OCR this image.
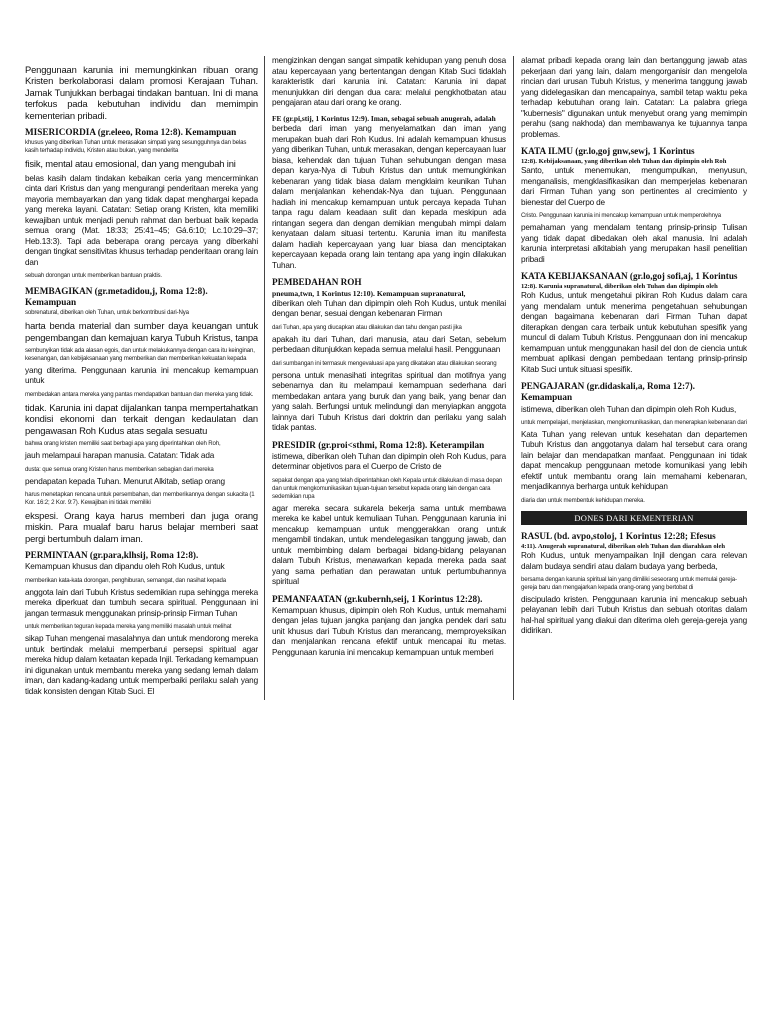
Penggunaan karunia ini memungkinkan ribuan orang Kristen berkolaborasi dalam promosi Kerajaan Tuhan. Jamak Tunjukkan berbagai tindakan bantuan. Ini di mana terfokus pada kebutuhan individu dan memimpin kementerian pribadi.

MISERICORDIA (gr.eleeo, Roma 12:8). Kemampuan

khusus yang diberikan Tuhan untuk merasakan simpati yang sesungguhnya dan belas kasih terhadap individu, Kristen atau bukan, yang menderita

fisik, mental atau emosional, dan yang mengubah ini

belas kasih dalam tindakan kebaikan ceria yang mencerminkan cinta dari Kristus dan yang mengurangi penderitaan mereka yang mayoria membayarkan dan yang tidak dapat menghargai kepada yang mereka layani. Catatan: Setiap orang Kristen, kita memiliki kewajiban untuk menjadi penuh rahmat dan berbuat baik kepada semua orang (Mat. 18:33; 25:41–45; Gá.6:10; Lc.10:29–37; Heb.13:3). Tapi ada beberapa orang percaya yang diberkahi dengan tingkat sensitivitas khusus terhadap penderitaan orang lain dan

sebuah dorongan untuk memberikan bantuan praktis.

MEMBAGIKAN (gr.metadidou,j, Roma 12:8). Kemampuan

sobrenatural, diberikan oleh Tuhan, untuk berkontribusi dari-Nya

harta benda material dan sumber daya keuangan untuk pengembangan dan kemajuan karya Tubuh Kristus, tanpa

sembunyikan tidak ada alasan egois, dan untuk melakukannya dengan cara itu keinginan, kesenangan, dan kebijaksanaan yang memberikan dan memberikan kekuatan kepada

yang diterima. Penggunaan karunia ini mencakup kemampuan untuk

membedakan antara mereka yang pantas mendapatkan bantuan dan mereka yang tidak.

tidak. Karunia ini dapat dijalankan tanpa mempertahatkan kondisi ekonomi dan terkait dengan kedaulatan dan pengawasan Roh Kudus atas segala sesuatu

bahwa orang kristen memiliki saat berbagi apa yang diperintahkan oleh Roh,

jauh melampaui harapan manusia. Catatan: Tidak ada

dusta: que semua orang Kristen harus memberikan sebagian dari mereka

pendapatan kepada Tuhan. Menurut Alkitab, setiap orang

harus menetapkan rencana untuk persembahan, dan memberikannya dengan sukacita (1 Kor. 16:2; 2 Kor. 9:7). Kewajiban ini tidak memiliki

ekspesi. Orang kaya harus memberi dan juga orang miskin. Para mualaf baru harus belajar memberi saat pergi bertumbuh dalam iman.

PERMINTAAN (gr.para,klhsij, Roma 12:8).

Kemampuan khusus dan dipandu oleh Roh Kudus, untuk

memberikan kata-kata dorongan, penghiburan, semangat, dan nasihat kepada

anggota lain dari Tubuh Kristus sedemikian rupa sehingga mereka mereka diperkuat dan tumbuh secara spiritual. Penggunaan ini jangan termasuk menggunakan prinsip-prinsip Firman Tuhan

untuk memberikan teguran kepada mereka yang memiliki masalah untuk melihat

sikap Tuhan mengenai masalahnya dan untuk mendorong mereka untuk bertindak melalui memperbarui persepsi spiritual agar mereka hidup dalam ketaatan kepada Injil. Terkadang kemampuan ini digunakan untuk membantu mereka yang sedang lemah dalam iman, dan kadang-kadang untuk memperbaiki perilaku salah yang tidak konsisten dengan Kitab Suci. El

mengizinkan dengan sangat simpatik kehidupan yang penuh dosa atau kepercayaan yang bertentangan dengan Kitab Suci tidaklah karakteristik dari karunia ini. Catatan: Karunia ini dapat menunjukkan diri dengan dua cara: melalui pengkhotbatan atau pengajaran atau dari orang ke orang.

FE (gr.pi,stij, 1 Korintus 12:9). Iman, sebagai sebuah anugerah, adalah

berbeda dari iman yang menyelamatkan dan iman yang merupakan buah dari Roh Kudus. Ini adalah kemampuan khusus yang diberikan Tuhan, untuk merasakan, dengan kepercayaan luar biasa, kehendak dan tujuan Tuhan sehubungan dengan masa depan karya-Nya di Tubuh Kristus dan untuk memungkinkan kebenaran yang tidak biasa dalam mengklaim keunikan Tuhan dalam menjalankan kehendak-Nya dan tujuan. Penggunaan hadiah ini mencakup kemampuan untuk percaya kepada Tuhan tanpa ragu dalam keadaan sulit dan kepada meskipun ada rintangan segera dan dengan demikian mengubah mimpi dalam kenyataan dalam situasi tertentu. Karunia iman itu manifesta dalam hadiah kepercayaan yang luar biasa dan menciptakan kepercayaan kepada orang lain tentang apa yang ingin dilakukan Tuhan.

PEMBEDAHAN ROH
pneuma,twn, 1 Korintus 12:10). Kemampuan supranatural,

diberikan oleh Tuhan dan dipimpin oleh Roh Kudus, untuk menilai dengan benar, sesuai dengan kebenaran Firman

dari Tuhan, apa yang diucapkan atau dilakukan dan tahu dengan pasti jika

apakah itu dari Tuhan, dari manusia, atau dari Setan, sebelum perbedaan ditunjukkan kepada semua melalui hasil. Penggunaan

dari sumbangan ini termasuk mengevaluasi apa yang dikatakan atau dilakukan seorang

persona untuk menasihati integritas spiritual dan motifnya yang sebenarnya dan itu melampaui kemampuan sederhana dari membedakan antara yang buruk dan yang baik, yang benar dan yang salah. Berfungsi untuk melindungi dan menyiapkan anggota lainnya dari Tubuh Kristus dari doktrin dan perilaku yang salah tidak pantas.

PRESIDIR (gr.proi<sthmi, Roma 12:8). Keterampilan

istimewa, diberikan oleh Tuhan dan dipimpin oleh Roh Kudus, para determinar objetivos para el Cuerpo de Cristo de

sepakat dengan apa yang telah diperintahkan oleh Kepala untuk dilakukan di masa depan dan untuk mengkomunikasikan tujuan-tujuan tersebut kepada orang lain dengan cara sedemikian rupa

agar mereka secara sukarela bekerja sama untuk membawa mereka ke kabel untuk kemuliaan Tuhan. Penggunaan karunia ini mencakup kemampuan untuk menggerakkan orang untuk mengambil tindakan, untuk mendelegasikan tanggung jawab, dan untuk membimbing dalam berbagai bidang-bidang pelayanan dalam Tubuh Kristus, menawarkan kepada mereka pada saat yang sama perhatian dan perawatan untuk pertumbuhannya spiritual

PEMANFAATAN (gr.kubernh,seij, 1 Korintus 12:28).

Kemampuan khusus, dipimpin oleh Roh Kudus, untuk memahami dengan jelas tujuan jangka panjang dan jangka pendek dari satu unit khusus dari Tubuh Kristus dan merancang, memproyeksikan dan menjalankan rencana efektif untuk mencapai itu metas. Penggunaan karunia ini mencakup kemampuan untuk memberi

alamat pribadi kepada orang lain dan bertanggung jawab atas pekerjaan dari yang lain, dalam mengorganisir dan mengelola rincian dari urusan Tubuh Kristus, y menerima tanggung jawab yang didelegasikan dan mencapainya, sambil tetap waktu peka terhadap kebutuhan orang lain. Catatan: La palabra griega "kubernesis" digunakan untuk menyebut orang yang memimpin perahu (sang nakhoda) dan membawanya ke tujuannya tanpa problemas.

KATA ILMU (gr.lo,goj gnw,sewj, 1 Korintus
12:8). Kebijaksanaan, yang diberikan oleh Tuhan dan dipimpin oleh Roh

Santo, untuk menemukan, mengumpulkan, menyusun, menganalisis, mengklasifikasikan dan memperjelas kebenaran dari Firman Tuhan yang son pertinentes al crecimiento y bienestar del Cuerpo de

Cristo. Penggunaan karunia ini mencakup kemampuan untuk memperolehnya

pemahaman yang mendalam tentang prinsip-prinsip Tulisan yang tidak dapat dibedakan oleh akal manusia. Ini adalah karunia interpretasi alkitabiah yang merupakan hasil penelitian pribadi

KATA KEBIJAKSANAAN (gr.lo,goj sofi,aj, 1 Korintus
12:8). Karunia supranatural, diberikan oleh Tuhan dan dipimpin oleh

Roh Kudus, untuk mengetahui pikiran Roh Kudus dalam cara yang mendalam untuk menerima pengetahuan sehubungan dengan bagaimana kebenaran dari Firman Tuhan dapat diterapkan dengan cara terbaik untuk kebutuhan spesifik yang muncul di dalam Tubuh Kristus. Penggunaan don ini mencakup kemampuan untuk menggunakan hasil del don de ciencia untuk membuat aplikasi dengan pembedaan tentang prinsip-prinsip Kitab Suci untuk situasi spesifik.

PENGAJARAN (gr.didaskali,a, Roma 12:7). Kemampuan

istimewa, diberikan oleh Tuhan dan dipimpin oleh Roh Kudus,

untuk mempelajari, menjelaskan, mengkomunikasikan, dan menerapkan kebenaran dari

Kata Tuhan yang relevan untuk kesehatan dan departemen Tubuh Kristus dan anggotanya dalam hal tersebut cara orang lain belajar dan mendapatkan manfaat. Penggunaan ini tidak dapat mencakup penggunaan metode komunikasi yang lebih efektif untuk membantu orang lain memahami kebenaran, menjadikannya berharga untuk kehidupan

diaria dan untuk membentuk kehidupan mereka.

DONES DARI KEMENTERIAN
RASUL (bd. avpo,stoloj, 1 Korintus 12:28; Efesus
4:11). Anugerah supranatural, diberikan oleh Tuhan dan diarahkan oleh

Roh Kudus, untuk menyampaikan Injil dengan cara relevan dalam budaya sendiri atau dalam budaya yang berbeda,

bersama dengan karunia spiritual lain yang dimiliki seseorang untuk memulai gereja-gereja baru dan mengajarkan kepada orang-orang yang bertobat di

discipulado kristen. Penggunaan karunia ini mencakup sebuah pelayanan lebih dari Tubuh Kristus dan sebuah otoritas dalam hal-hal spiritual yang diakui dan diterima oleh gereja-gereja yang didirikan.
